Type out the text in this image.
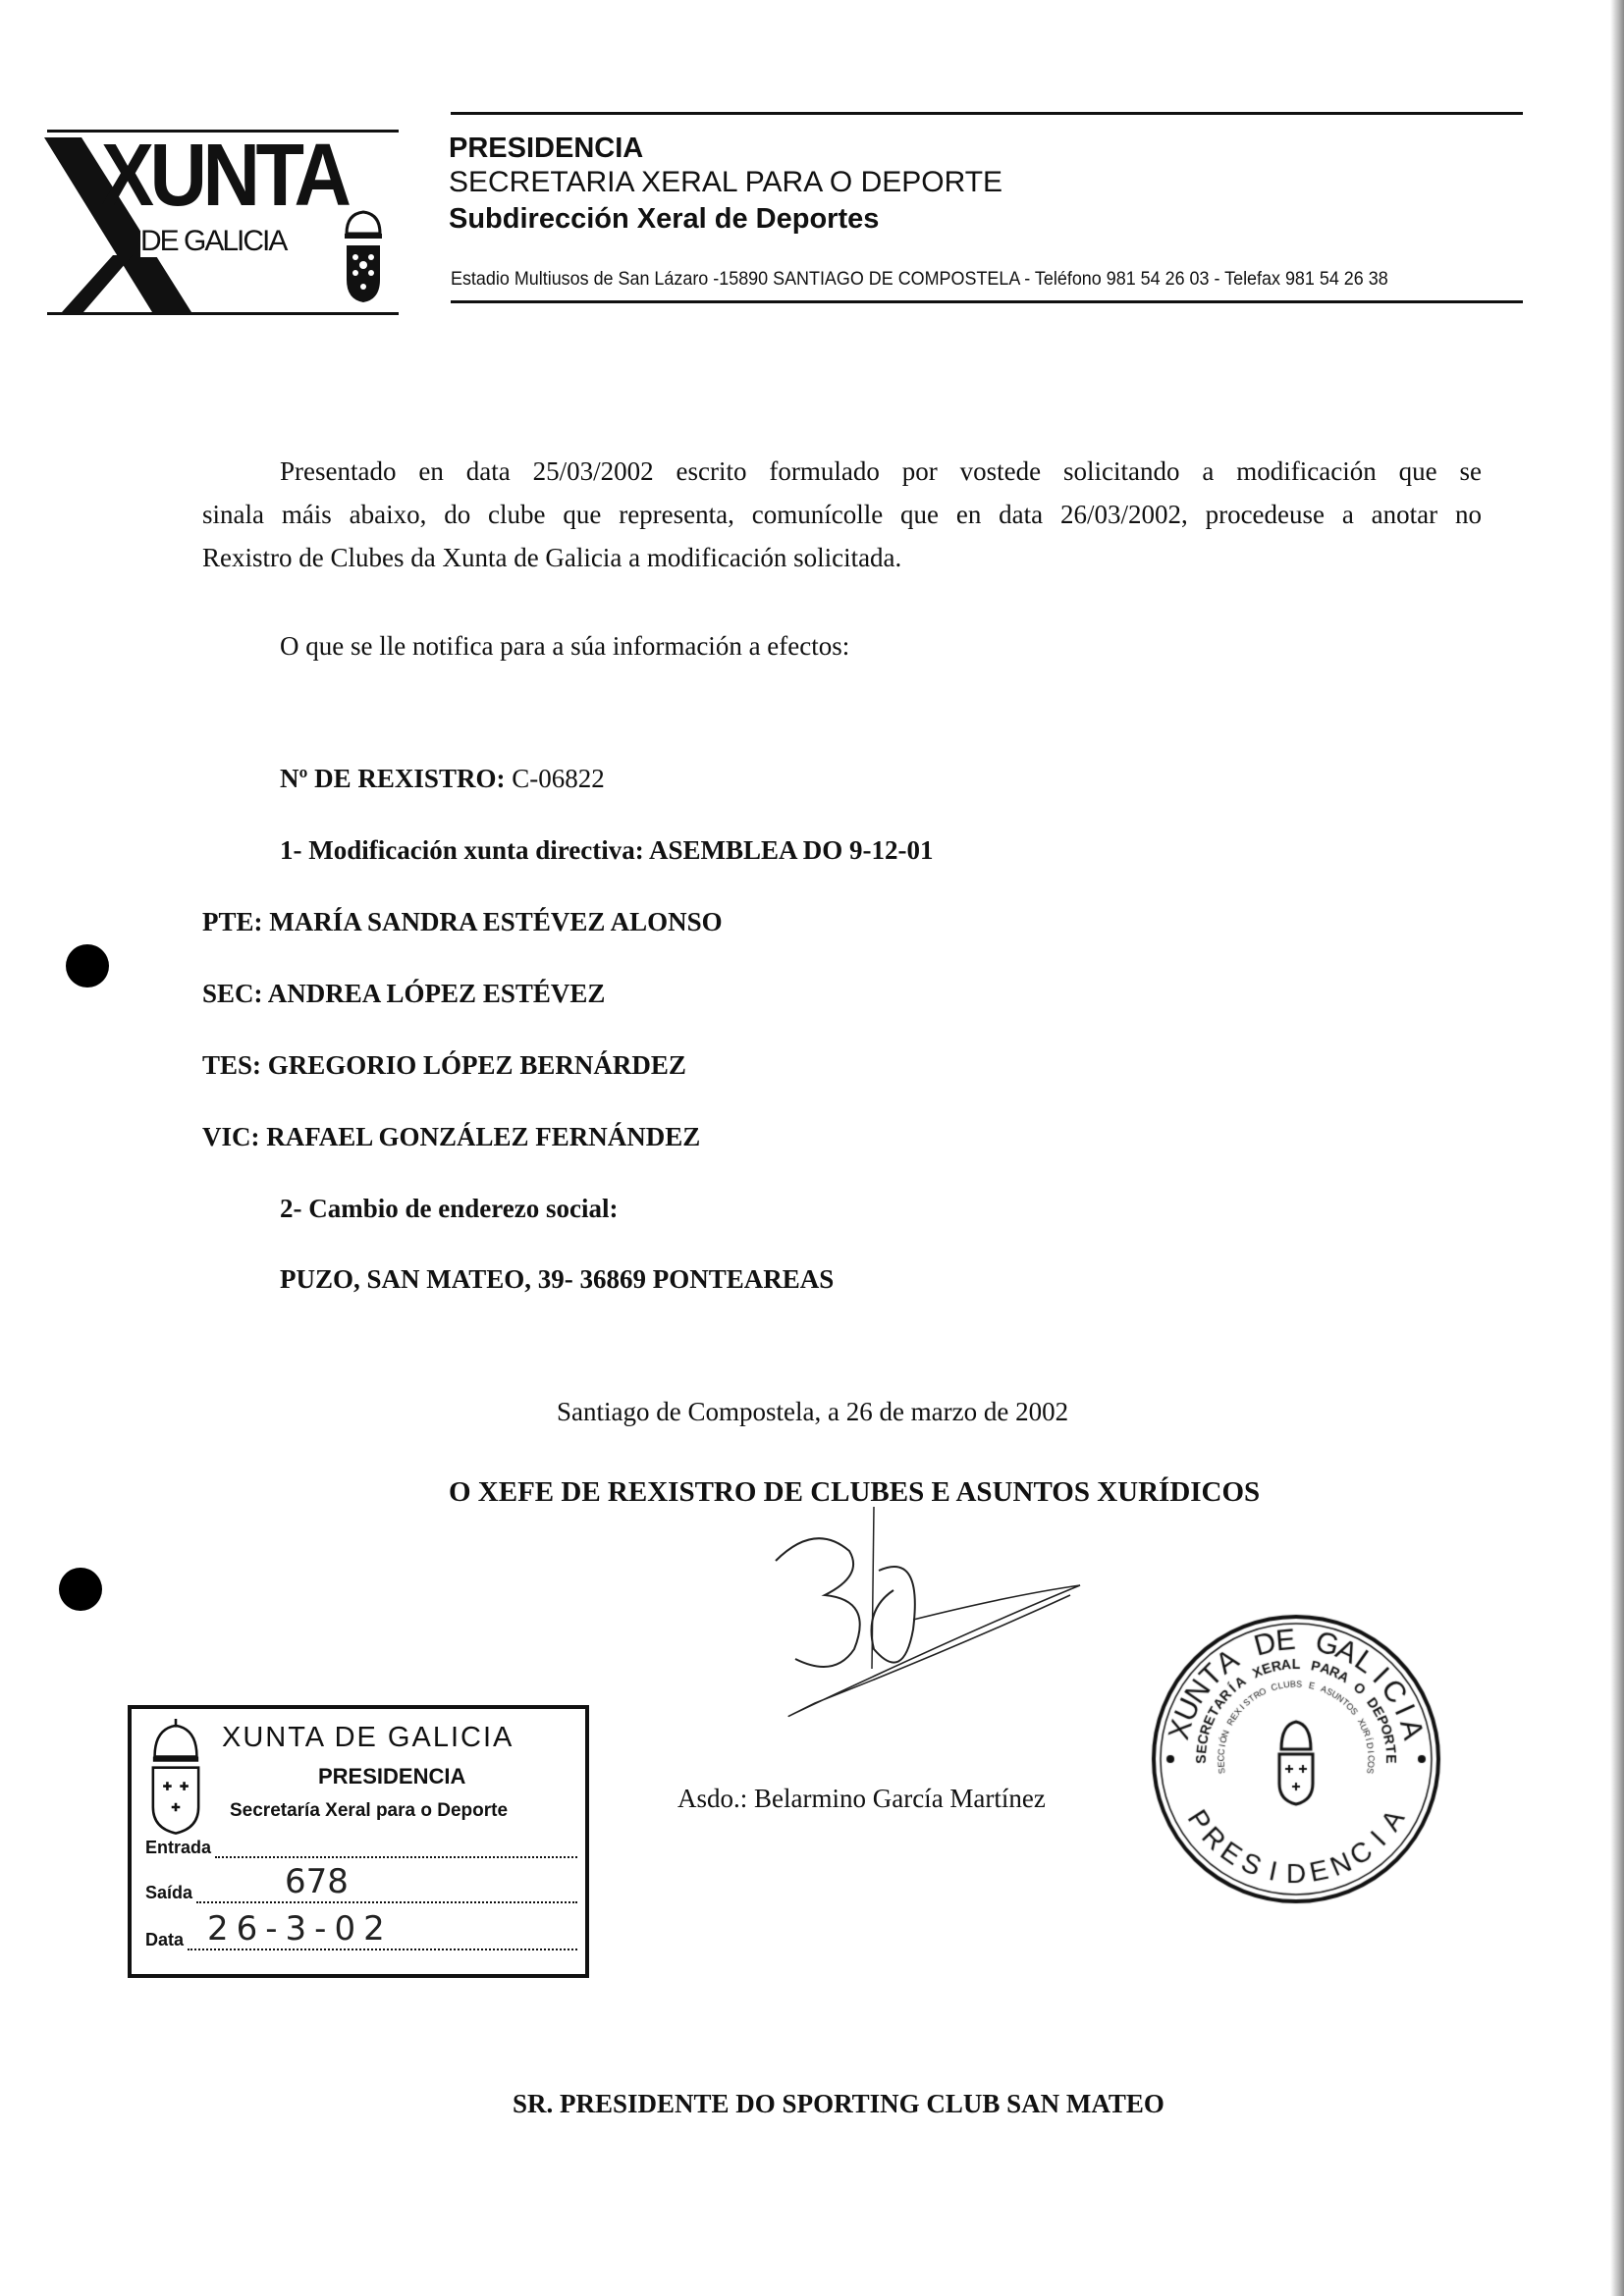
XUNTA
DE GALICIA
PRESIDENCIA
SECRETARIA XERAL PARA O DEPORTE
Subdirección Xeral de Deportes
Estadio Multiusos de San Lázaro -15890 SANTIAGO DE COMPOSTELA - Teléfono 981 54 26 03 - Telefax 981 54 26 38
Presentado en data 25/03/2002 escrito formulado por vostede solicitando a modificación que se
sinala máis abaixo, do clube que representa, comunícolle que en data 26/03/2002, procedeuse a anotar no
Rexistro de Clubes da Xunta de Galicia a modificación solicitada.
O que se lle notifica para a súa información a efectos:
Nº DE REXISTRO: C-06822
1- Modificación xunta directiva: ASEMBLEA DO 9-12-01
PTE: MARÍA SANDRA ESTÉVEZ ALONSO
SEC: ANDREA LÓPEZ ESTÉVEZ
TES: GREGORIO LÓPEZ BERNÁRDEZ
VIC: RAFAEL GONZÁLEZ FERNÁNDEZ
2- Cambio de enderezo social:
PUZO, SAN MATEO, 39- 36869 PONTEAREAS
Santiago de Compostela, a 26 de marzo de 2002
O XEFE DE REXISTRO DE CLUBES E ASUNTOS XURÍDICOS
Asdo.: Belarmino García Martínez
SR. PRESIDENTE DO SPORTING CLUB SAN MATEO
XUNTA DE GALICIA
PRESIDENCIA
Secretaría Xeral para o Deporte
Entrada
Saída	678
Data 26-3-02
